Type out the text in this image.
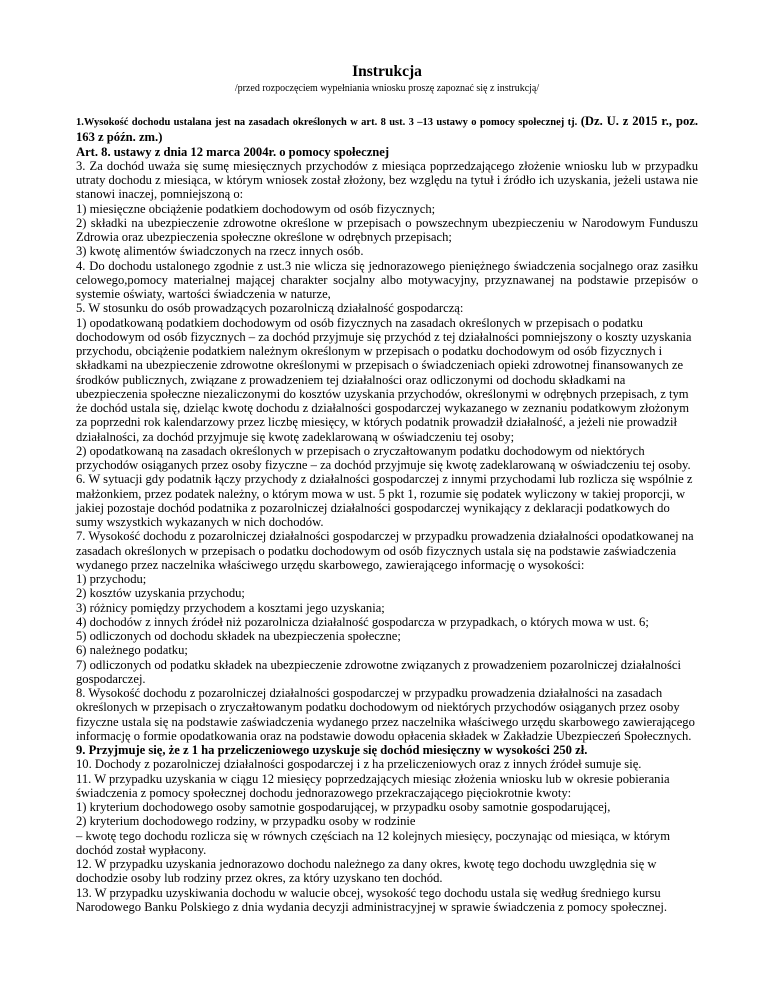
Instrukcja
/przed rozpoczęciem wypełniania wniosku proszę zapoznać się z instrukcją/

1.Wysokość dochodu ustalana jest na zasadach określonych w art. 8 ust. 3 –13 ustawy o pomocy społecznej tj. (Dz. U. z 2015 r., poz. 163 z późn. zm.)

Art. 8. ustawy z dnia 12 marca 2004r. o pomocy społecznej

3. Za dochód uważa się sumę miesięcznych przychodów z miesiąca poprzedzającego złożenie wniosku lub w przypadku utraty dochodu z miesiąca, w którym wniosek został złożony, bez względu na tytuł i źródło ich uzyskania, jeżeli ustawa nie stanowi inaczej, pomniejszoną o:

1) miesięczne obciążenie podatkiem dochodowym od osób fizycznych;

2) składki na ubezpieczenie zdrowotne określone w przepisach o powszechnym ubezpieczeniu w Narodowym Funduszu Zdrowia oraz ubezpieczenia społeczne określone w odrębnych przepisach;

3) kwotę alimentów świadczonych na rzecz innych osób.

4. Do dochodu ustalonego zgodnie z ust.3 nie wlicza się jednorazowego pieniężnego świadczenia socjalnego oraz zasiłku celowego,pomocy materialnej mającej charakter socjalny albo motywacyjny, przyznawanej na podstawie przepisów o systemie oświaty, wartości świadczenia w naturze,

5. W stosunku do osób prowadzących pozarolniczą działalność gospodarczą:

1) opodatkowaną podatkiem dochodowym od osób fizycznych na zasadach określonych w przepisach o podatku dochodowym od osób fizycznych – za dochód przyjmuje się przychód z tej działalności pomniejszony o koszty uzyskania przychodu, obciążenie podatkiem należnym określonym w przepisach o podatku dochodowym od osób fizycznych i składkami na ubezpieczenie zdrowotne określonymi w przepisach o świadczeniach opieki zdrowotnej finansowanych ze środków publicznych, związane z prowadzeniem tej działalności oraz odliczonymi od dochodu składkami na ubezpieczenia społeczne niezaliczonymi do kosztów uzyskania przychodów, określonymi w odrębnych przepisach, z tym że dochód ustala się, dzieląc kwotę dochodu z działalności gospodarczej wykazanego w zeznaniu podatkowym złożonym za poprzedni rok kalendarzowy przez liczbę miesięcy, w których podatnik prowadził działalność, a jeżeli nie prowadził działalności, za dochód przyjmuje się kwotę zadeklarowaną w oświadczeniu tej osoby;

2) opodatkowaną na zasadach określonych w przepisach o zryczałtowanym podatku dochodowym od niektórych przychodów osiąganych przez osoby fizyczne – za dochód przyjmuje się kwotę zadeklarowaną w oświadczeniu tej osoby.

6. W sytuacji gdy podatnik łączy przychody z działalności gospodarczej z innymi przychodami lub rozlicza się wspólnie z małżonkiem, przez podatek należny, o którym mowa w ust. 5 pkt 1, rozumie się podatek wyliczony w takiej proporcji, w jakiej pozostaje dochód podatnika z pozarolniczej działalności gospodarczej wynikający z deklaracji podatkowych do sumy wszystkich wykazanych w nich dochodów.

7. Wysokość dochodu z pozarolniczej działalności gospodarczej w przypadku prowadzenia działalności opodatkowanej na zasadach określonych w przepisach o podatku dochodowym od osób fizycznych ustala się na podstawie zaświadczenia wydanego przez naczelnika właściwego urzędu skarbowego, zawierającego informację o wysokości:

1) przychodu;

2) kosztów uzyskania przychodu;

3) różnicy pomiędzy przychodem a kosztami jego uzyskania;

4) dochodów z innych źródeł niż pozarolnicza działalność gospodarcza w przypadkach, o których mowa w ust. 6;

5) odliczonych od dochodu składek na ubezpieczenia społeczne;

6) należnego podatku;

7) odliczonych od podatku składek na ubezpieczenie zdrowotne związanych z prowadzeniem pozarolniczej działalności gospodarczej.

8. Wysokość dochodu z pozarolniczej działalności gospodarczej w przypadku prowadzenia działalności na zasadach określonych w przepisach o zryczałtowanym podatku dochodowym od niektórych przychodów osiąganych przez osoby fizyczne ustala się na podstawie zaświadczenia wydanego przez naczelnika właściwego urzędu skarbowego zawierającego informację o formie opodatkowania oraz na podstawie dowodu opłacenia składek w Zakładzie Ubezpieczeń Społecznych.

9. Przyjmuje się, że z 1 ha przeliczeniowego uzyskuje się dochód miesięczny w wysokości 250 zł.

10. Dochody z pozarolniczej działalności gospodarczej i z ha przeliczeniowych oraz z innych źródeł sumuje się.

11. W przypadku uzyskania w ciągu 12 miesięcy poprzedzających miesiąc złożenia wniosku lub w okresie pobierania świadczenia z pomocy społecznej dochodu jednorazowego przekraczającego pięciokrotnie kwoty:

1) kryterium dochodowego osoby samotnie gospodarującej, w przypadku osoby samotnie gospodarującej,

2) kryterium dochodowego rodziny, w przypadku osoby w rodzinie

– kwotę tego dochodu rozlicza się w równych częściach na 12 kolejnych miesięcy, poczynając od miesiąca, w którym dochód został wypłacony.

12. W przypadku uzyskania jednorazowo dochodu należnego za dany okres, kwotę tego dochodu uwzględnia się w dochodzie osoby lub rodziny przez okres, za który uzyskano ten dochód.

13. W przypadku uzyskiwania dochodu w walucie obcej, wysokość tego dochodu ustala się według średniego kursu Narodowego Banku Polskiego z dnia wydania decyzji administracyjnej w sprawie świadczenia z pomocy społecznej.
